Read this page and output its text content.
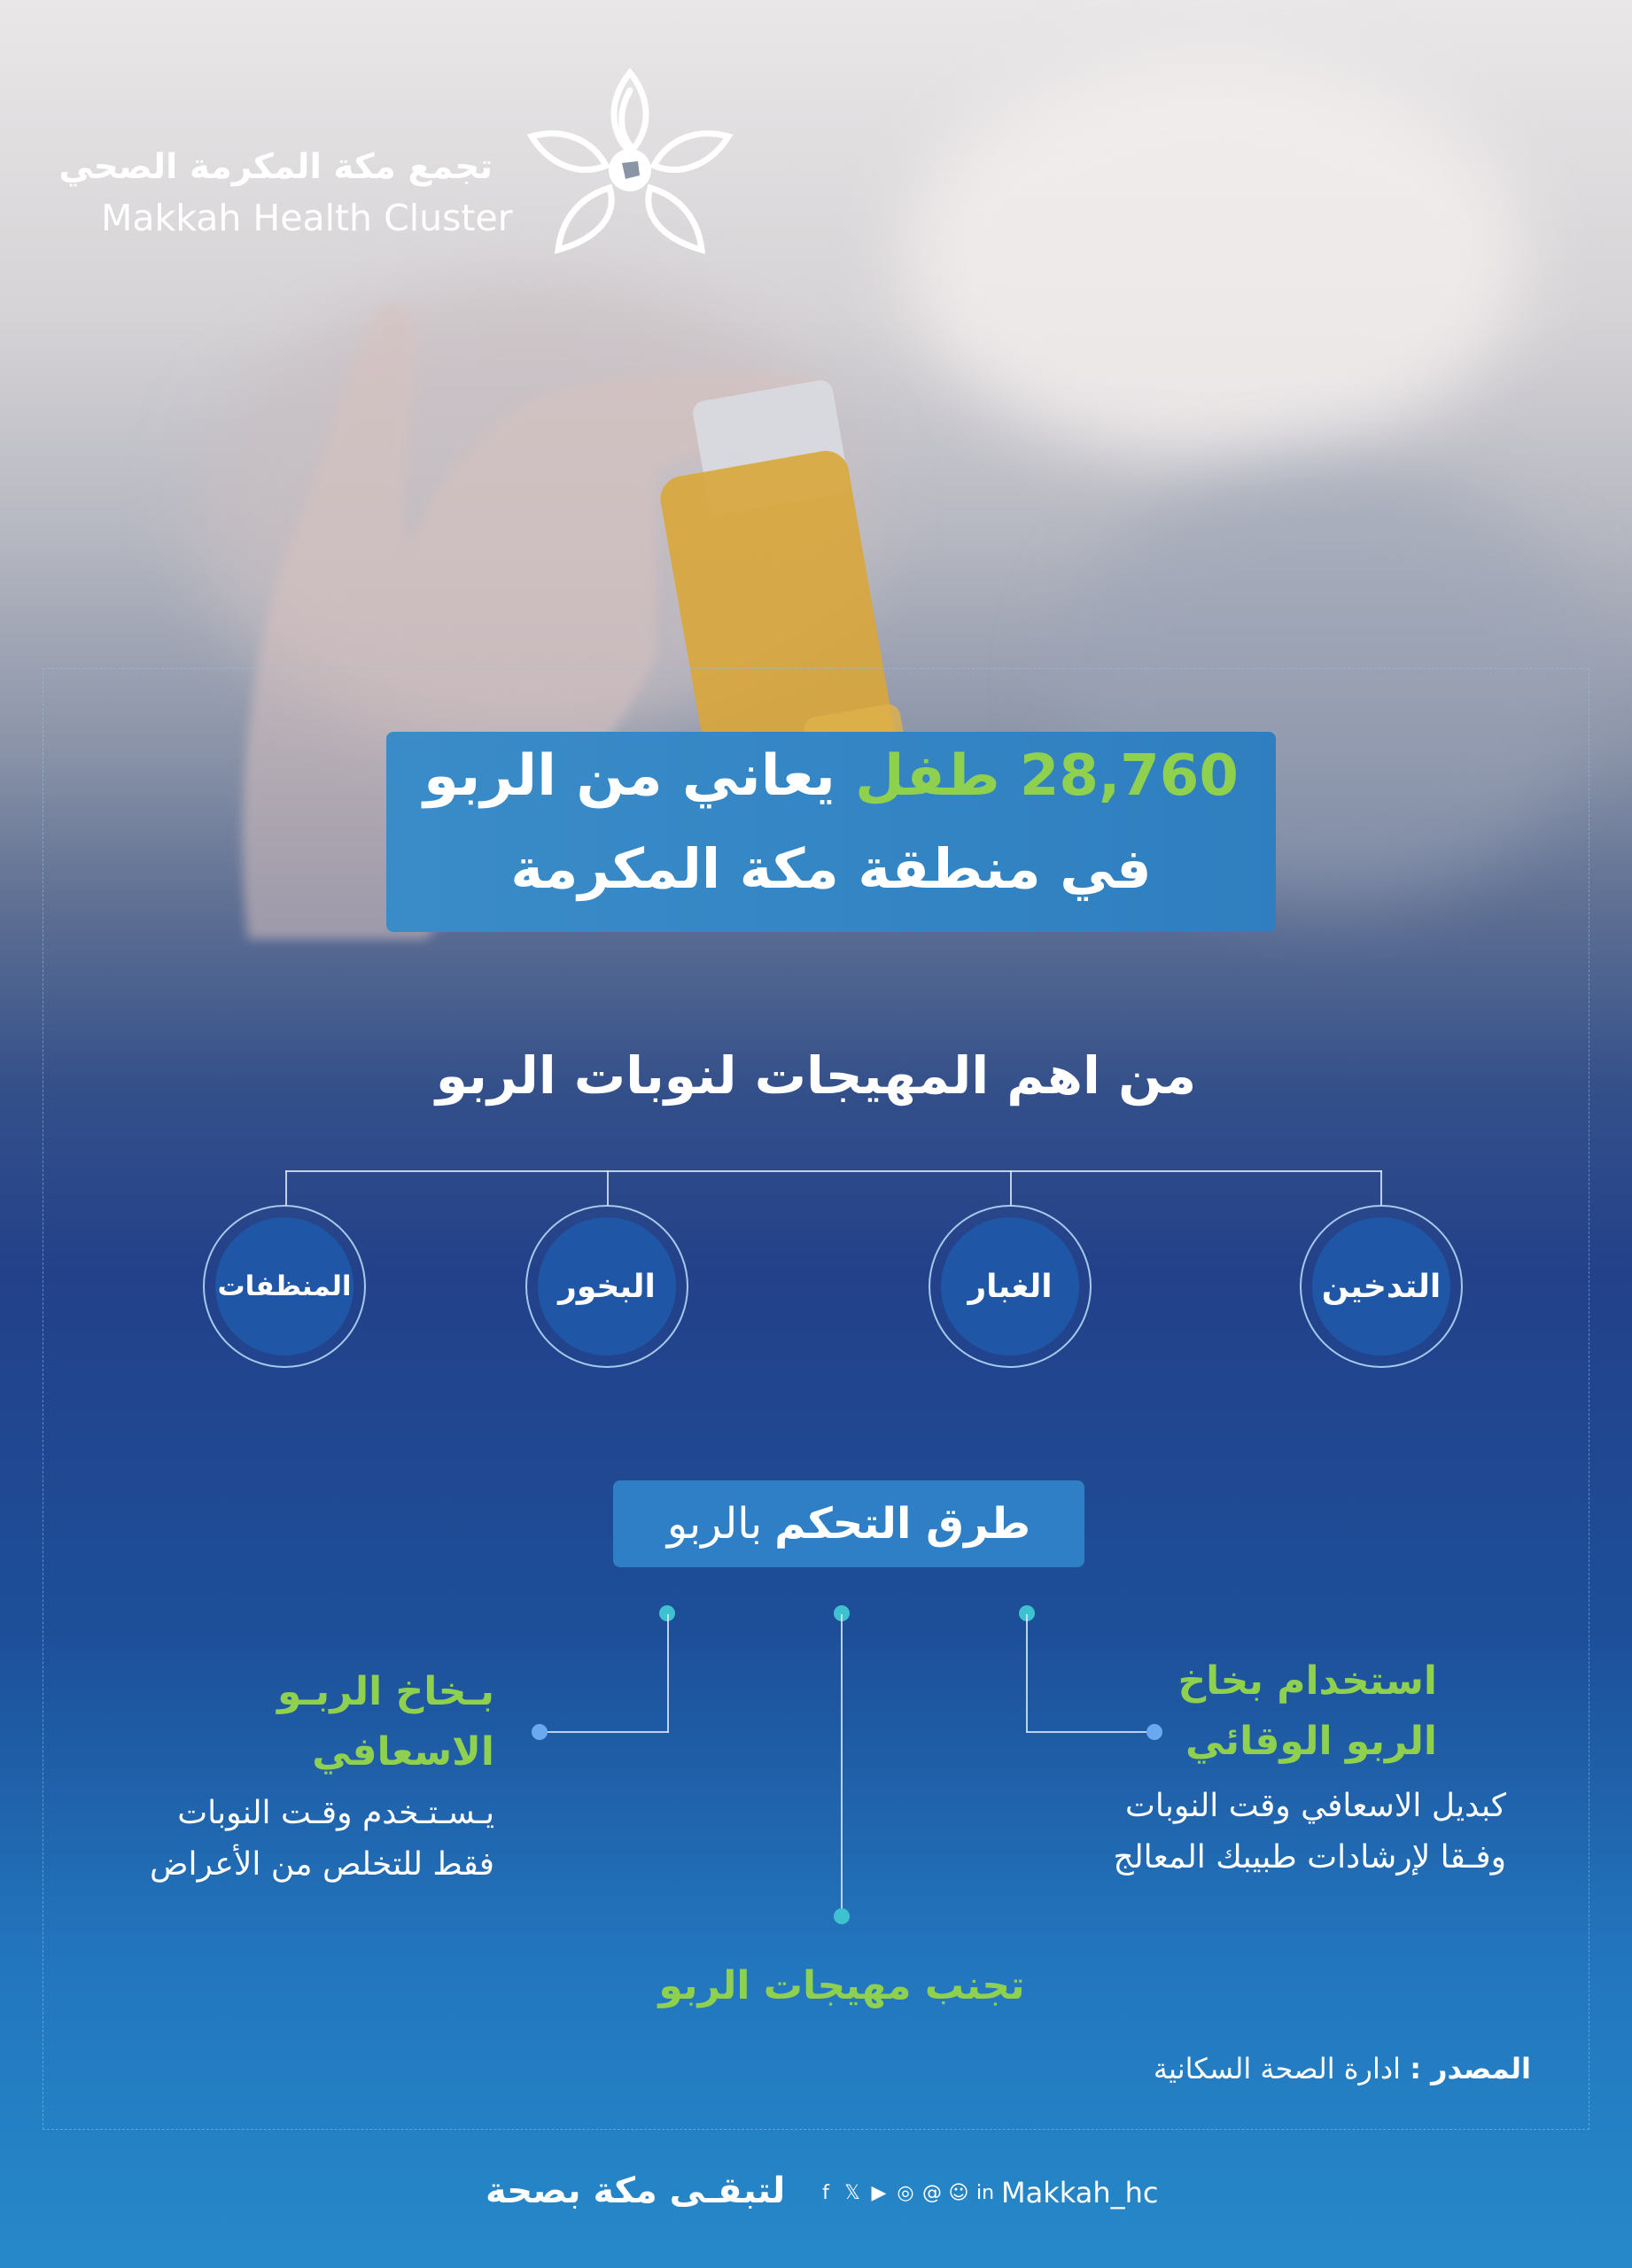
تجمع مكة المكرمة الصحي
Makkah Health Cluster
28,760 طفل يعاني من الربو
في منطقة مكة المكرمة
من اهم المهيجات لنوبات الربو
التدخين
الغبار
البخور
المنظفات
طرق التحكم
بالربو
استخدام بخاخ
الربو الوقائي
كبديل الاسعافي وقت النوبات
وفـقا لإرشادات طبيبك المعالج
بـخاخ الربـو
الاسعافي
يـسـتـخدم وقـت النوبات
فقط للتخلص من الأعراض
تجنب مهيجات الربو
المصدر : ادارة الصحة السكانية
لتبقـى مكة بصحة	f 𝕏 ▶ ◎ @ ☺ in Makkah_hc
